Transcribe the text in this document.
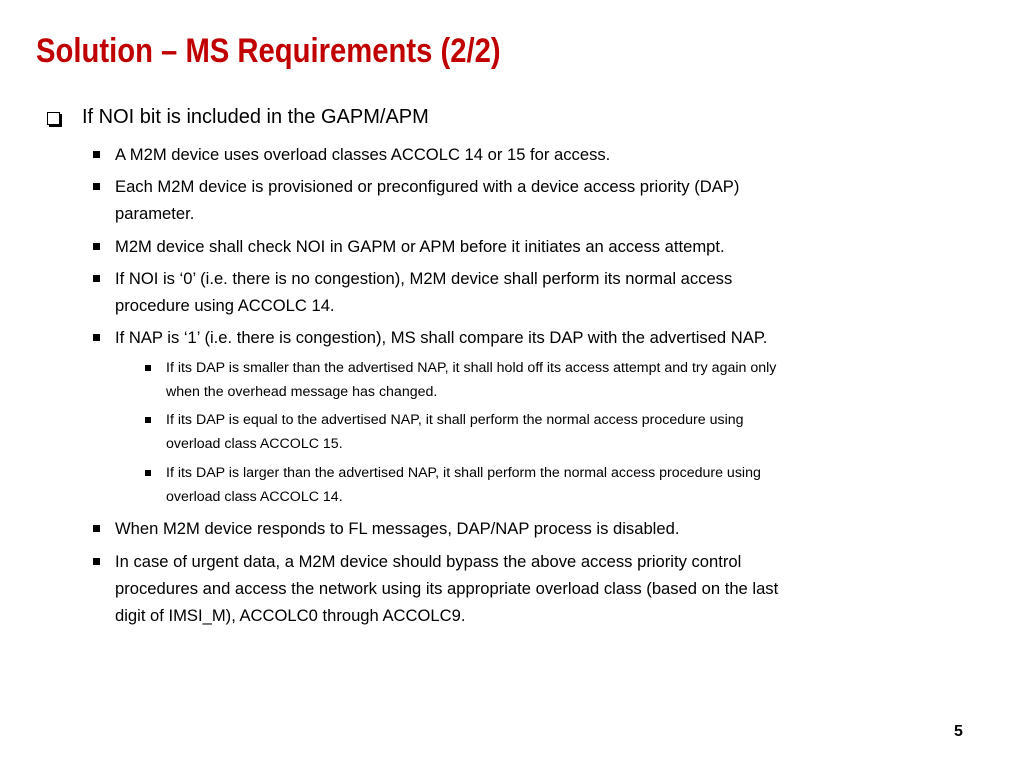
Solution – MS Requirements (2/2)
If NOI bit is included in the GAPM/APM
A M2M device uses overload classes ACCOLC 14 or 15 for access.
Each M2M device is provisioned or preconfigured with a device access priority (DAP)
parameter.
M2M device shall check NOI in GAPM or APM before it initiates an access attempt.
If NOI is ‘0’ (i.e. there is no congestion), M2M device shall perform its normal access
procedure using ACCOLC 14.
If NAP is ‘1’ (i.e. there is congestion), MS shall compare its DAP with the advertised NAP.
If its DAP is smaller than the advertised NAP, it shall hold off its access attempt and try again only
when the overhead message has changed.
If its DAP is equal to the advertised NAP, it shall perform the normal access procedure using
overload class ACCOLC 15.
If its DAP is larger than the advertised NAP, it shall perform the normal access procedure using
overload class ACCOLC 14.
When M2M device responds to FL messages, DAP/NAP process is disabled.
In case of urgent data, a M2M device should bypass the above access priority control
procedures and access the network using its appropriate overload class (based on the last
digit of IMSI_M), ACCOLC0 through ACCOLC9.
5
